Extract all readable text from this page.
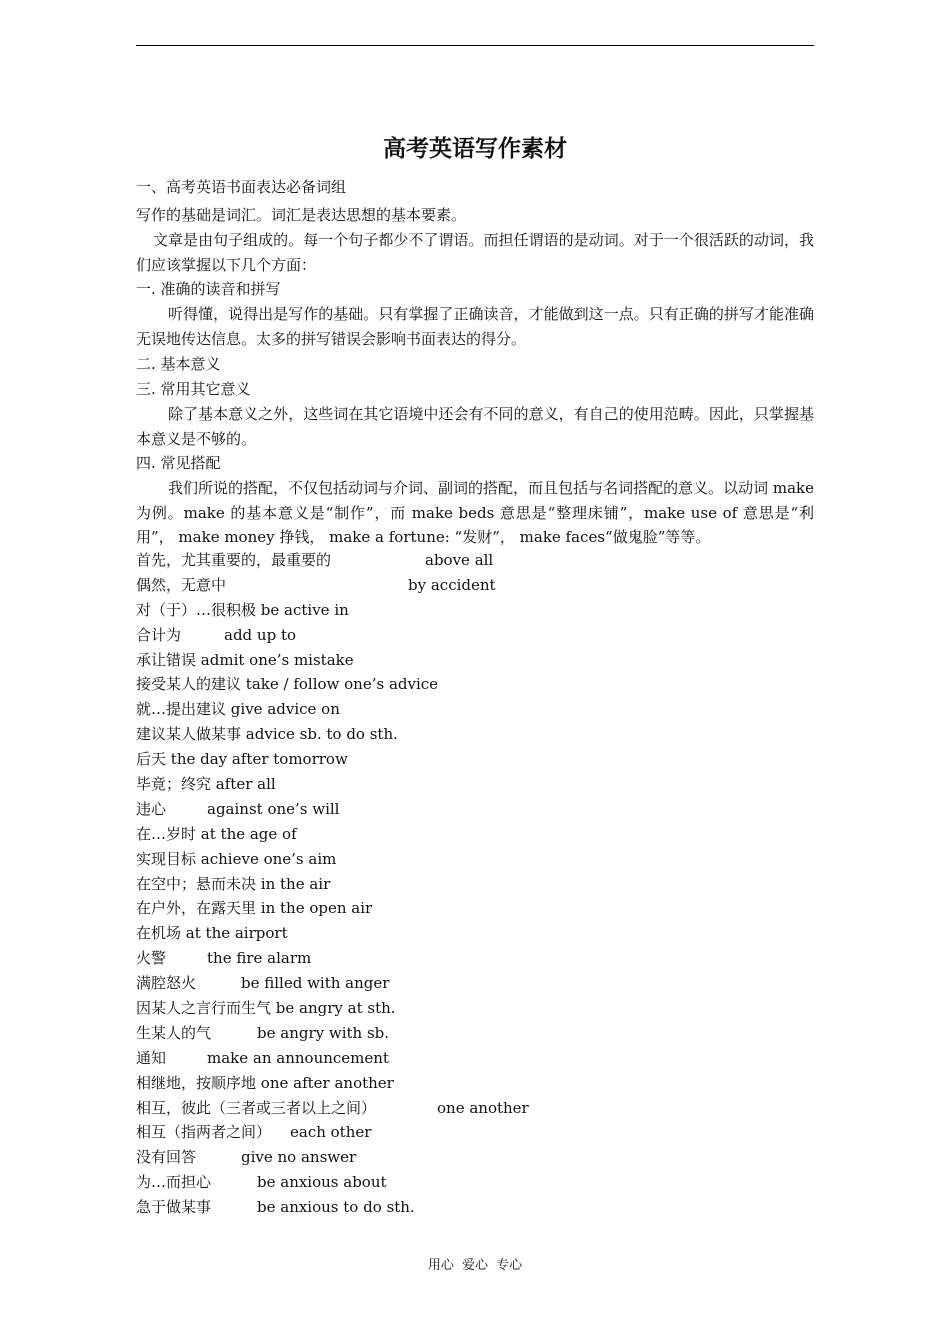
高考英语写作素材
一、高考英语书面表达必备词组
写作的基础是词汇。词汇是表达思想的基本要素。
文章是由句子组成的。每一个句子都少不了谓语。而担任谓语的是动词。对于一个很活跃的动词，我们应该掌握以下几个方面：
一. 准确的读音和拼写
听得懂，说得出是写作的基础。只有掌握了正确读音，才能做到这一点。只有正确的拼写才能准确无误地传达信息。太多的拼写错误会影响书面表达的得分。
二. 基本意义
三. 常用其它意义
除了基本意义之外，这些词在其它语境中还会有不同的意义，有自己的使用范畴。因此，只掌握基本意义是不够的。
四. 常见搭配
我们所说的搭配，不仅包括动词与介词、副词的搭配，而且包括与名词搭配的意义。以动词 make 为例。make 的基本意义是“制作”，而 make beds 意思是“整理床铺”，make use of 意思是“利用”， make money 挣钱， make a fortune: “发财”， make faces“做鬼脸”等等。
首先，尤其重要的，最重要的	above all
偶然，无意中	by accident
对（于）…很积极 be active in
合计为	add up to
承让错误 admit one’s mistake
接受某人的建议 take / follow one’s advice
就…提出建议 give advice on
建议某人做某事 advice sb. to do sth.
后天 the day after tomorrow
毕竟；终究 after all
违心	against one’s will
在…岁时 at the age of
实现目标 achieve one’s aim
在空中；悬而未决 in the air
在户外，在露天里 in the open air
在机场 at the airport
火警	the fire alarm
满腔怒火	be filled with anger
因某人之言行而生气 be angry at sth.
生某人的气	be angry with sb.
通知	make an announcement
相继地，按顺序地 one after another
相互，彼此（三者或三者以上之间）	one another
相互（指两者之间） each other
没有回答	give no answer
为…而担心	be anxious about
急于做某事	be anxious to do sth.
用心 爱心 专心
